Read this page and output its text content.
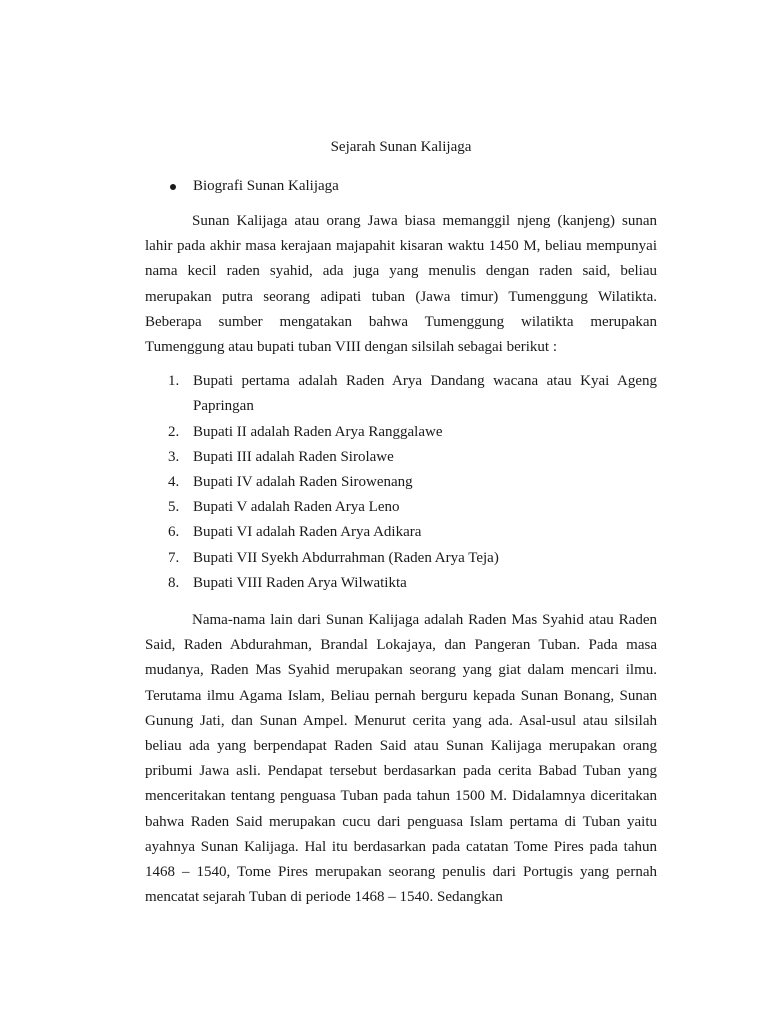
Sejarah Sunan Kalijaga
Biografi Sunan Kalijaga

Sunan Kalijaga atau orang Jawa biasa memanggil njeng (kanjeng) sunan lahir pada akhir masa kerajaan majapahit kisaran waktu 1450 M, beliau mempunyai nama kecil raden syahid, ada juga yang menulis dengan raden said, beliau merupakan putra seorang adipati tuban (Jawa timur) Tumenggung Wilatikta. Beberapa sumber mengatakan bahwa Tumenggung wilatikta merupakan Tumenggung atau bupati tuban VIII dengan silsilah sebagai berikut :

1. Bupati pertama adalah Raden Arya Dandang wacana atau Kyai Ageng Papringan
2. Bupati II adalah Raden Arya Ranggalawe
3. Bupati III adalah Raden Sirolawe
4. Bupati IV adalah Raden Sirowenang
5. Bupati V adalah Raden Arya Leno
6. Bupati VI adalah Raden Arya Adikara
7. Bupati VII Syekh Abdurrahman (Raden Arya Teja)
8. Bupati VIII Raden Arya Wilwatikta

Nama-nama lain dari Sunan Kalijaga adalah Raden Mas Syahid atau Raden Said, Raden Abdurahman, Brandal Lokajaya, dan Pangeran Tuban. Pada masa mudanya, Raden Mas Syahid merupakan seorang yang giat dalam mencari ilmu. Terutama ilmu Agama Islam, Beliau pernah berguru kepada Sunan Bonang, Sunan Gunung Jati, dan Sunan Ampel. Menurut cerita yang ada. Asal-usul atau silsilah beliau ada yang berpendapat Raden Said atau Sunan Kalijaga merupakan orang pribumi Jawa asli. Pendapat tersebut berdasarkan pada cerita Babad Tuban yang menceritakan tentang penguasa Tuban pada tahun 1500 M. Didalamnya diceritakan bahwa Raden Said merupakan cucu dari penguasa Islam pertama di Tuban yaitu ayahnya Sunan Kalijaga. Hal itu berdasarkan pada catatan Tome Pires pada tahun 1468 – 1540, Tome Pires merupakan seorang penulis dari Portugis yang pernah mencatat sejarah Tuban di periode 1468 – 1540. Sedangkan
